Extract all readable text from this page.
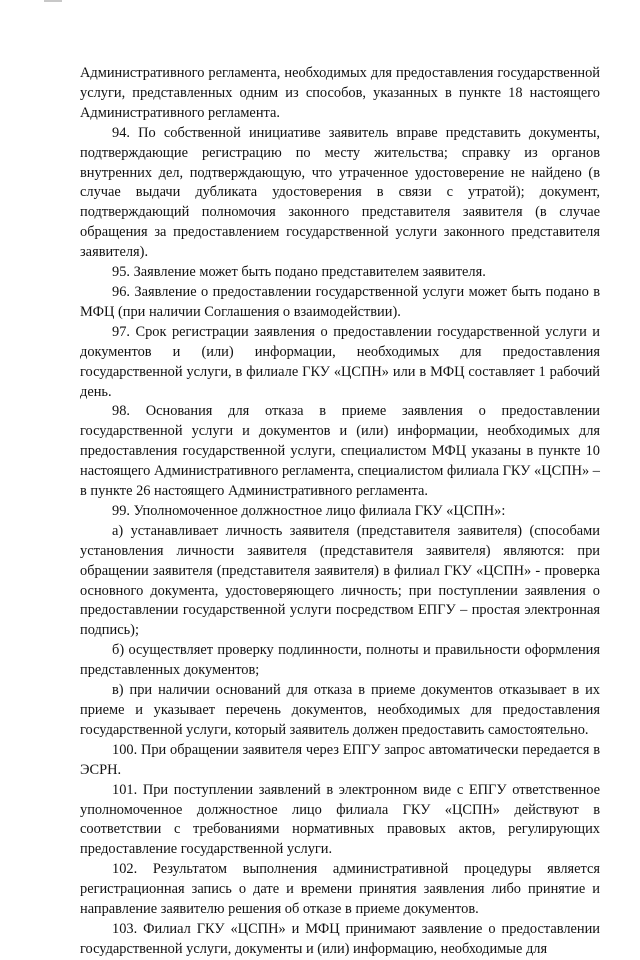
Административного регламента, необходимых для предоставления государственной услуги, представленных одним из способов, указанных в пункте 18 настоящего Административного регламента.

94. По собственной инициативе заявитель вправе представить документы, подтверждающие регистрацию по месту жительства; справку из органов внутренних дел, подтверждающую, что утраченное удостоверение не найдено (в случае выдачи дубликата удостоверения в связи с утратой); документ, подтверждающий полномочия законного представителя заявителя (в случае обращения за предоставлением государственной услуги законного представителя заявителя).

95. Заявление может быть подано представителем заявителя.

96. Заявление о предоставлении государственной услуги может быть подано в МФЦ (при наличии Соглашения о взаимодействии).

97. Срок регистрации заявления о предоставлении государственной услуги и документов и (или) информации, необходимых для предоставления государственной услуги, в филиале ГКУ «ЦСПН» или в МФЦ составляет 1 рабочий день.

98. Основания для отказа в приеме заявления о предоставлении государственной услуги и документов и (или) информации, необходимых для предоставления государственной услуги, специалистом МФЦ указаны в пункте 10 настоящего Административного регламента, специалистом филиала ГКУ «ЦСПН» – в пункте 26 настоящего Административного регламента.

99. Уполномоченное должностное лицо филиала ГКУ «ЦСПН»:

а) устанавливает личность заявителя (представителя заявителя) (способами установления личности заявителя (представителя заявителя) являются: при обращении заявителя (представителя заявителя) в филиал ГКУ «ЦСПН» - проверка основного документа, удостоверяющего личность; при поступлении заявления о предоставлении государственной услуги посредством ЕПГУ – простая электронная подпись);

б) осуществляет проверку подлинности, полноты и правильности оформления представленных документов;

в) при наличии оснований для отказа в приеме документов отказывает в их приеме и указывает перечень документов, необходимых для предоставления государственной услуги, который заявитель должен предоставить самостоятельно.

100. При обращении заявителя через ЕПГУ запрос автоматически передается в ЭСРН.

101. При поступлении заявлений в электронном виде с ЕПГУ ответственное уполномоченное должностное лицо филиала ГКУ «ЦСПН» действуют в соответствии с требованиями нормативных правовых актов, регулирующих предоставление государственной услуги.

102. Результатом выполнения административной процедуры является регистрационная запись о дате и времени принятия заявления либо принятие и направление заявителю решения об отказе в приеме документов.

103. Филиал ГКУ «ЦСПН» и МФЦ принимают заявление о предоставлении государственной услуги, документы и (или) информацию, необходимые для
